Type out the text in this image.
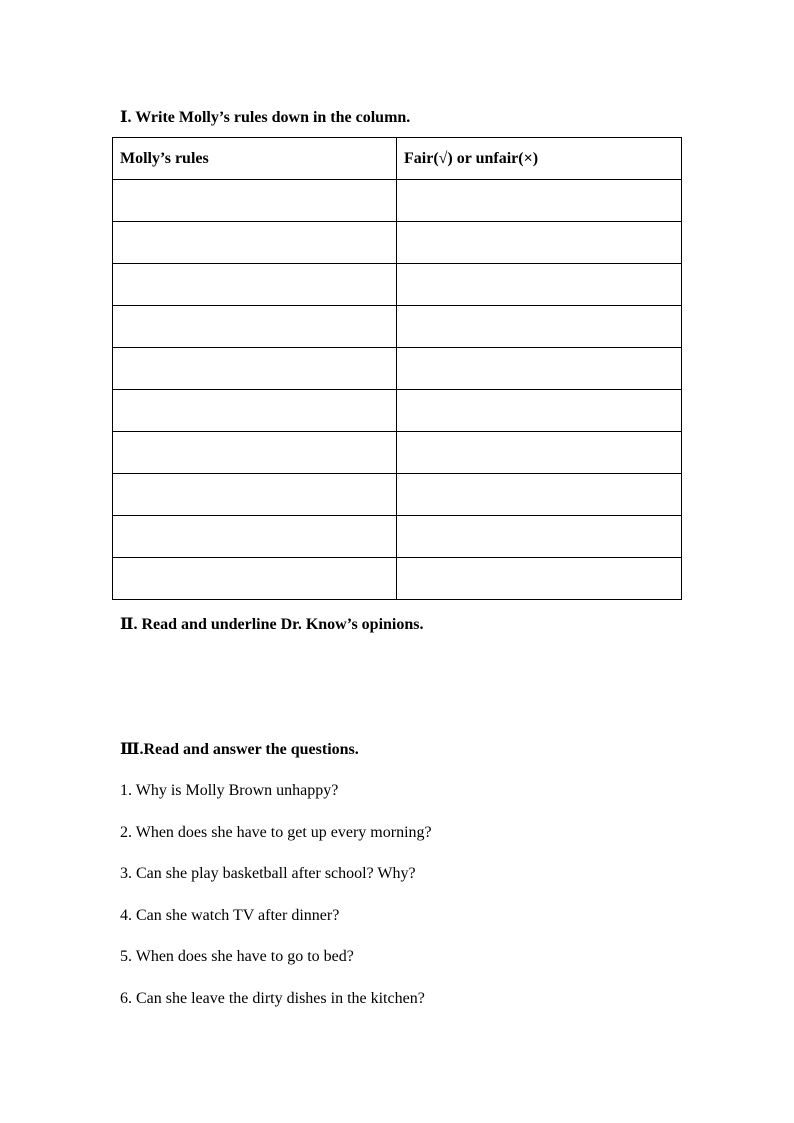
Ⅰ. Write Molly’s rules down in the column.
Molly’s rules	Fair(√) or unfair(×)

Ⅱ. Read and underline Dr. Know’s opinions.
Ⅲ.Read and answer the questions.
1. Why is Molly Brown unhappy?
2. When does she have to get up every morning?
3. Can she play basketball after school? Why?
4. Can she watch TV after dinner?
5. When does she have to go to bed?
6. Can she leave the dirty dishes in the kitchen?
